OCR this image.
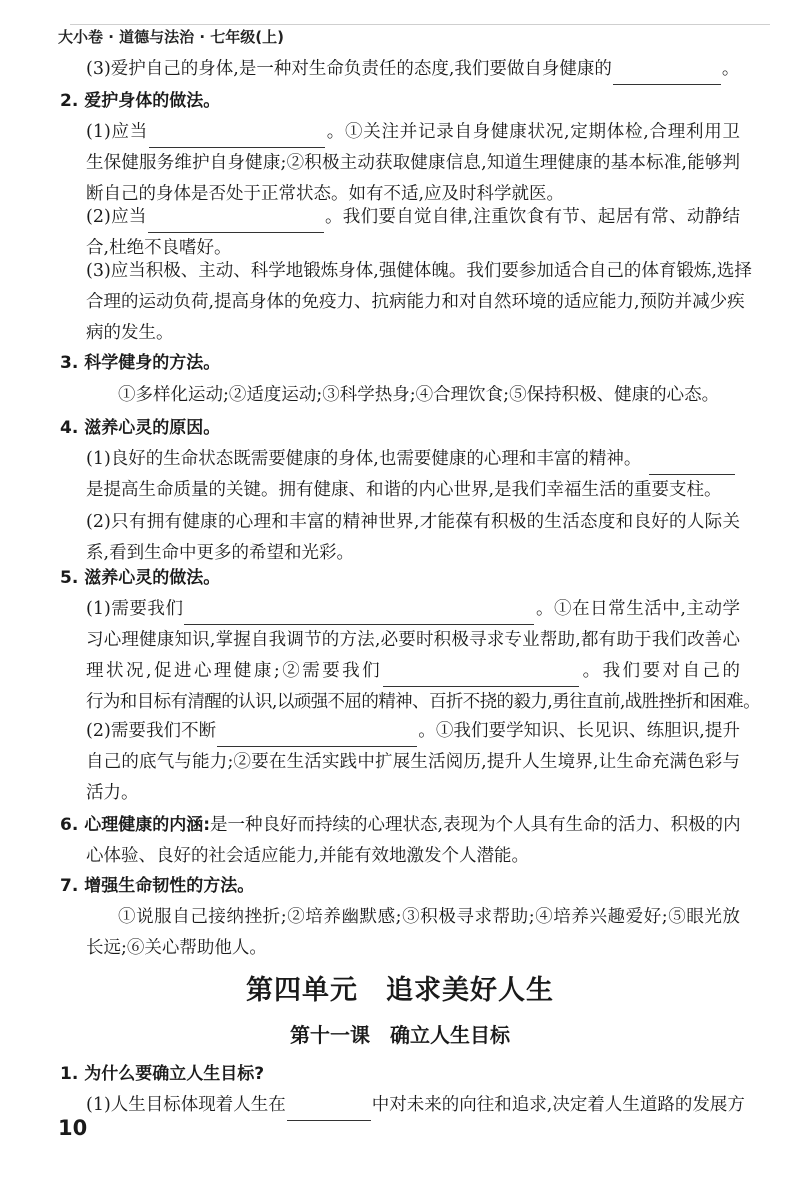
大小卷 · 道德与法治 · 七年级(上)

(3)爱护自己的身体,是一种对生命负责任的态度,我们要做自身健康的	。

2. 爱护身体的做法。

(1)应当	。①关注并记录自身健康状况,定期体检,合理利用卫
生保健服务维护自身健康;②积极主动获取健康信息,知道生理健康的基本标准,能够判
断自己的身体是否处于正常状态。如有不适,应及时科学就医。
(2)应当	。我们要自觉自律,注重饮食有节、起居有常、动静结
合,杜绝不良嗜好。
(3)应当积极、主动、科学地锻炼身体,强健体魄。我们要参加适合自己的体育锻炼,选择
合理的运动负荷,提高身体的免疫力、抗病能力和对自然环境的适应能力,预防并减少疾
病的发生。

3. 科学健身的方法。

①多样化运动;②适度运动;③科学热身;④合理饮食;⑤保持积极、健康的心态。

4. 滋养心灵的原因。

(1)良好的生命状态既需要健康的身体,也需要健康的心理和丰富的精神。
是提高生命质量的关键。拥有健康、和谐的内心世界,是我们幸福生活的重要支柱。
(2)只有拥有健康的心理和丰富的精神世界,才能葆有积极的生活态度和良好的人际关
系,看到生命中更多的希望和光彩。

5. 滋养心灵的做法。

(1)需要我们	。①在日常生活中,主动学
习心理健康知识,掌握自我调节的方法,必要时积极寻求专业帮助,都有助于我们改善心
理状况,促进心理健康;②需要我们	。我们要对自己的
行为和目标有清醒的认识,以顽强不屈的精神、百折不挠的毅力,勇往直前,战胜挫折和困难。
(2)需要我们不断	。①我们要学知识、长见识、练胆识,提升
自己的底气与能力;②要在生活实践中扩展生活阅历,提升人生境界,让生命充满色彩与
活力。

6. 心理健康的内涵:是一种良好而持续的心理状态,表现为个人具有生命的活力、积极的内

心体验、良好的社会适应能力,并能有效地激发个人潜能。

7. 增强生命韧性的方法。

①说服自己接纳挫折;②培养幽默感;③积极寻求帮助;④培养兴趣爱好;⑤眼光放

长远;⑥关心帮助他人。

第四单元　追求美好人生
第十一课　确立人生目标

1. 为什么要确立人生目标?

(1)人生目标体现着人生在	中对未来的向往和追求,决定着人生道路的发展方

10
